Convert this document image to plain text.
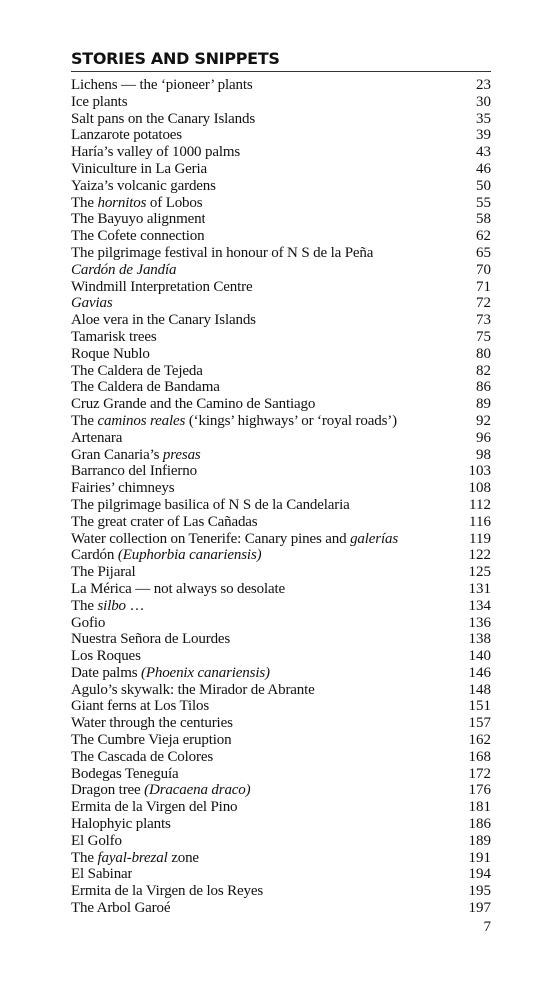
STORIES AND SNIPPETS
Lichens — the ‘pioneer’ plants	23
Ice plants	30
Salt pans on the Canary Islands	35
Lanzarote potatoes	39
Haría’s valley of 1000 palms	43
Viniculture in La Geria	46
Yaiza’s volcanic gardens	50
The hornitos of Lobos	55
The Bayuyo alignment	58
The Cofete connection	62
The pilgrimage festival in honour of N S de la Peña	65
Cardón de Jandía	70
Windmill Interpretation Centre	71
Gavias	72
Aloe vera in the Canary Islands	73
Tamarisk trees	75
Roque Nublo	80
The Caldera de Tejeda	82
The Caldera de Bandama	86
Cruz Grande and the Camino de Santiago	89
The caminos reales (‘kings’ highways’ or ‘royal roads’)	92
Artenara	96
Gran Canaria’s presas	98
Barranco del Infierno	103
Fairies’ chimneys	108
The pilgrimage basilica of N S de la Candelaria	112
The great crater of Las Cañadas	116
Water collection on Tenerife: Canary pines and galerías	119
Cardón (Euphorbia canariensis)	122
The Pijaral	125
La Mérica — not always so desolate	131
The silbo …	134
Gofio	136
Nuestra Señora de Lourdes	138
Los Roques	140
Date palms (Phoenix canariensis)	146
Agulo’s skywalk: the Mirador de Abrante	148
Giant ferns at Los Tilos	151
Water through the centuries	157
The Cumbre Vieja eruption	162
The Cascada de Colores	168
Bodegas Teneguía	172
Dragon tree (Dracaena draco)	176
Ermita de la Virgen del Pino	181
Halophyic plants	186
El Golfo	189
The fayal-brezal zone	191
El Sabinar	194
Ermita de la Virgen de los Reyes	195
The Arbol Garoé	197
7
